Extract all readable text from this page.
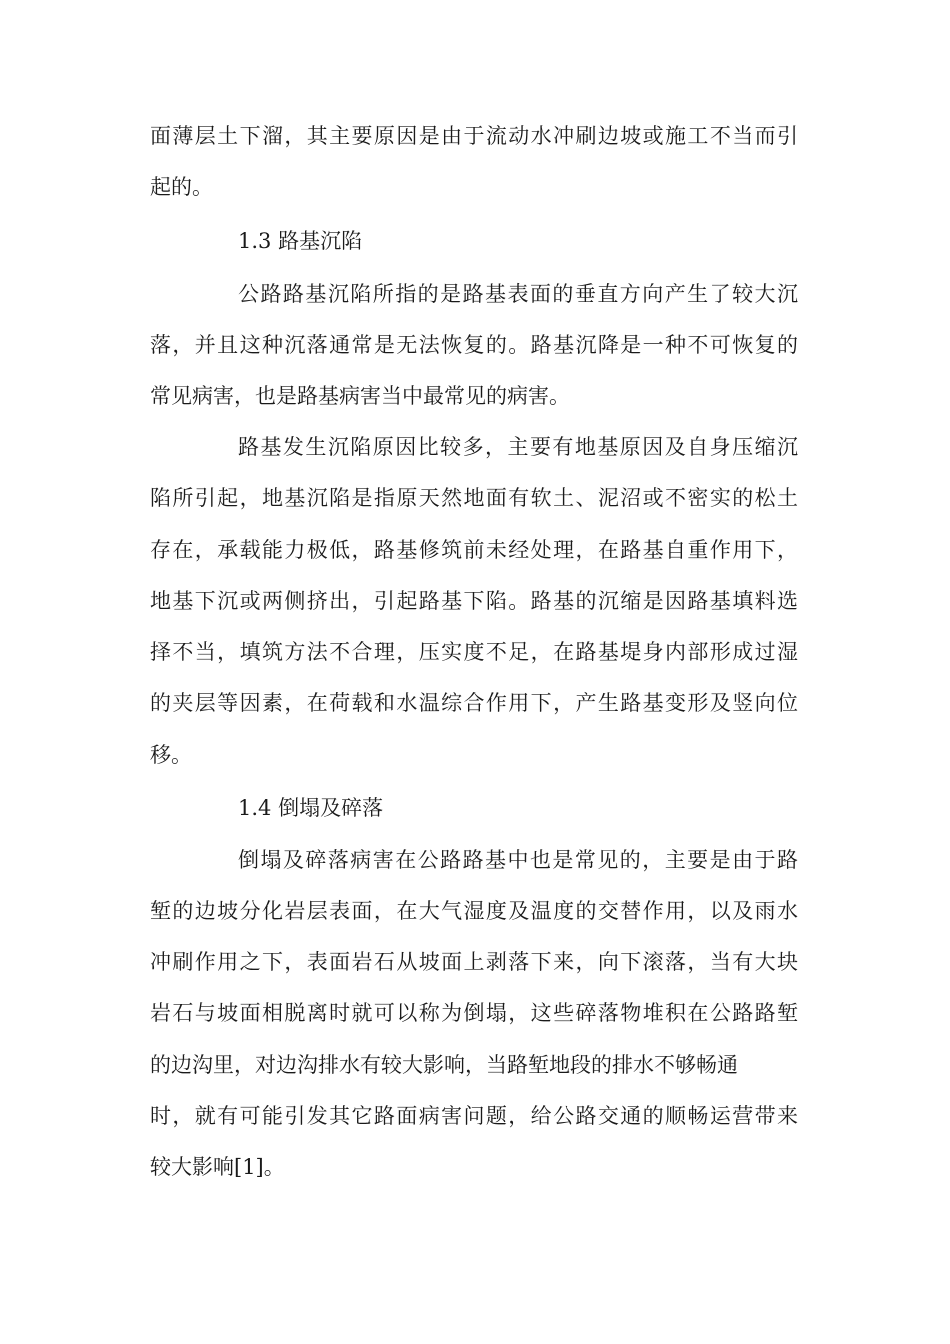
面薄层土下溜，其主要原因是由于流动水冲刷边坡或施工不当而引
起的。
1.3 路基沉陷
公路路基沉陷所指的是路基表面的垂直方向产生了较大沉
落，并且这种沉落通常是无法恢复的。路基沉降是一种不可恢复的
常见病害，也是路基病害当中最常见的病害。
路基发生沉陷原因比较多，主要有地基原因及自身压缩沉
陷所引起，地基沉陷是指原天然地面有软土、泥沼或不密实的松土
存在，承载能力极低，路基修筑前未经处理，在路基自重作用下，
地基下沉或两侧挤出，引起路基下陷。路基的沉缩是因路基填料选
择不当，填筑方法不合理，压实度不足，在路基堤身内部形成过湿
的夹层等因素，在荷载和水温综合作用下，产生路基变形及竖向位
移。
1.4 倒塌及碎落
倒塌及碎落病害在公路路基中也是常见的，主要是由于路
堑的边坡分化岩层表面，在大气湿度及温度的交替作用，以及雨水
冲刷作用之下，表面岩石从坡面上剥落下来，向下滚落，当有大块
岩石与坡面相脱离时就可以称为倒塌，这些碎落物堆积在公路路堑
的边沟里，对边沟排水有较大影响，当路堑地段的排水不够畅通
时，就有可能引发其它路面病害问题，给公路交通的顺畅运营带来
较大影响[1]。
